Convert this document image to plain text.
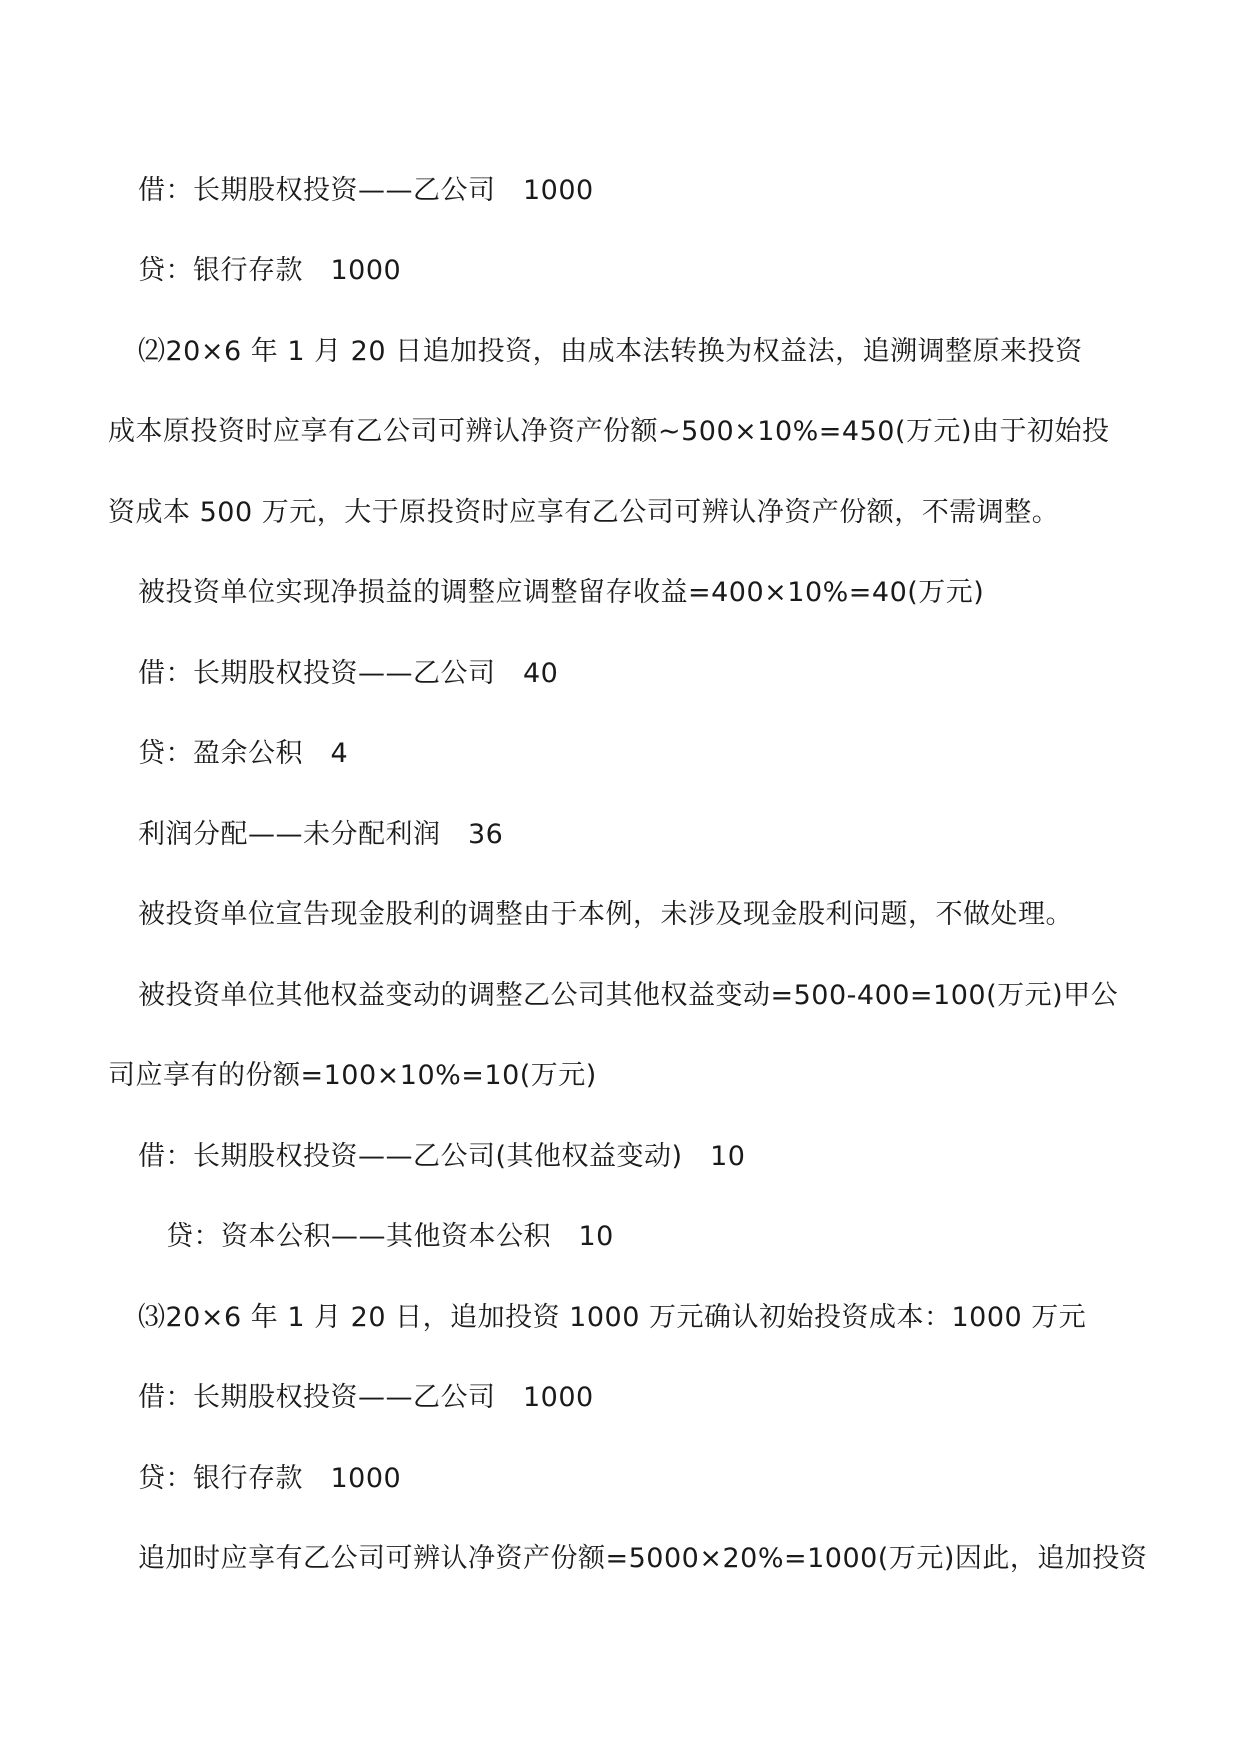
借：长期股权投资——乙公司　1000
贷：银行存款　1000
⑵20×6 年 1 月 20 日追加投资，由成本法转换为权益法，追溯调整原来投资
成本原投资时应享有乙公司可辨认净资产份额~500×10%=450(万元)由于初始投
资成本 500 万元，大于原投资时应享有乙公司可辨认净资产份额，不需调整。
被投资单位实现净损益的调整应调整留存收益=400×10%=40(万元)
借：长期股权投资——乙公司　40
贷：盈余公积　4
利润分配——未分配利润　36
被投资单位宣告现金股利的调整由于本例，未涉及现金股利问题，不做处理。
被投资单位其他权益变动的调整乙公司其他权益变动=500-400=100(万元)甲公
司应享有的份额=100×10%=10(万元)
借：长期股权投资——乙公司(其他权益变动)　10
贷：资本公积——其他资本公积　10
⑶20×6 年 1 月 20 日，追加投资 1000 万元确认初始投资成本：1000 万元
借：长期股权投资——乙公司　1000
贷：银行存款　1000
追加时应享有乙公司可辨认净资产份额=5000×20%=1000(万元)因此，追加投资
